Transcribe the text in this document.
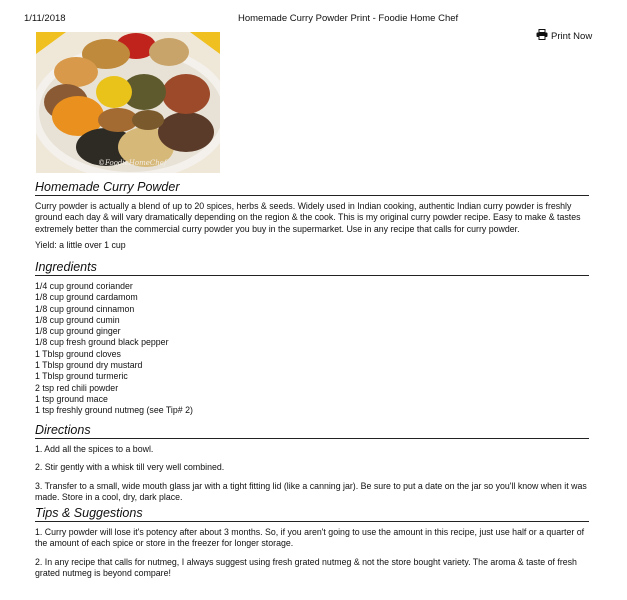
1/11/2018	Homemade Curry Powder Print - Foodie Home Chef
Print Now
©FoodieHomeChef
Homemade Curry Powder

Curry powder is actually a blend of up to 20 spices, herbs & seeds. Widely used in Indian cooking, authentic Indian curry powder is freshly ground each day & will vary dramatically depending on the region & the cook. This is my original curry powder recipe. Easy to make & tastes extremely better than the commercial curry powder you buy in the supermarket. Use in any recipe that calls for curry powder.

Yield: a little over 1 cup
Ingredients
1/4 cup ground coriander
1/8 cup ground cardamom
1/8 cup ground cinnamon
1/8 cup ground cumin
1/8 cup ground ginger
1/8 cup fresh ground black pepper
1 Tblsp ground cloves
1 Tblsp ground dry mustard
1 Tblsp ground turmeric
2 tsp red chili powder
1 tsp ground mace
1 tsp freshly ground nutmeg (see Tip# 2)
Directions

1. Add all the spices to a bowl.

2. Stir gently with a whisk till very well combined.

3. Transfer to a small, wide mouth glass jar with a tight fitting lid (like a canning jar). Be sure to put a date on the jar so you'll know when it was made. Store in a cool, dry, dark place.

Tips & Suggestions

1. Curry powder will lose it's potency after about 3 months. So, if you aren't going to use the amount in this recipe, just use half or a quarter of the amount of each spice or store in the freezer for longer storage.

2. In any recipe that calls for nutmeg, I always suggest using fresh grated nutmeg & not the store bought variety. The aroma & taste of fresh grated nutmeg is beyond compare!
